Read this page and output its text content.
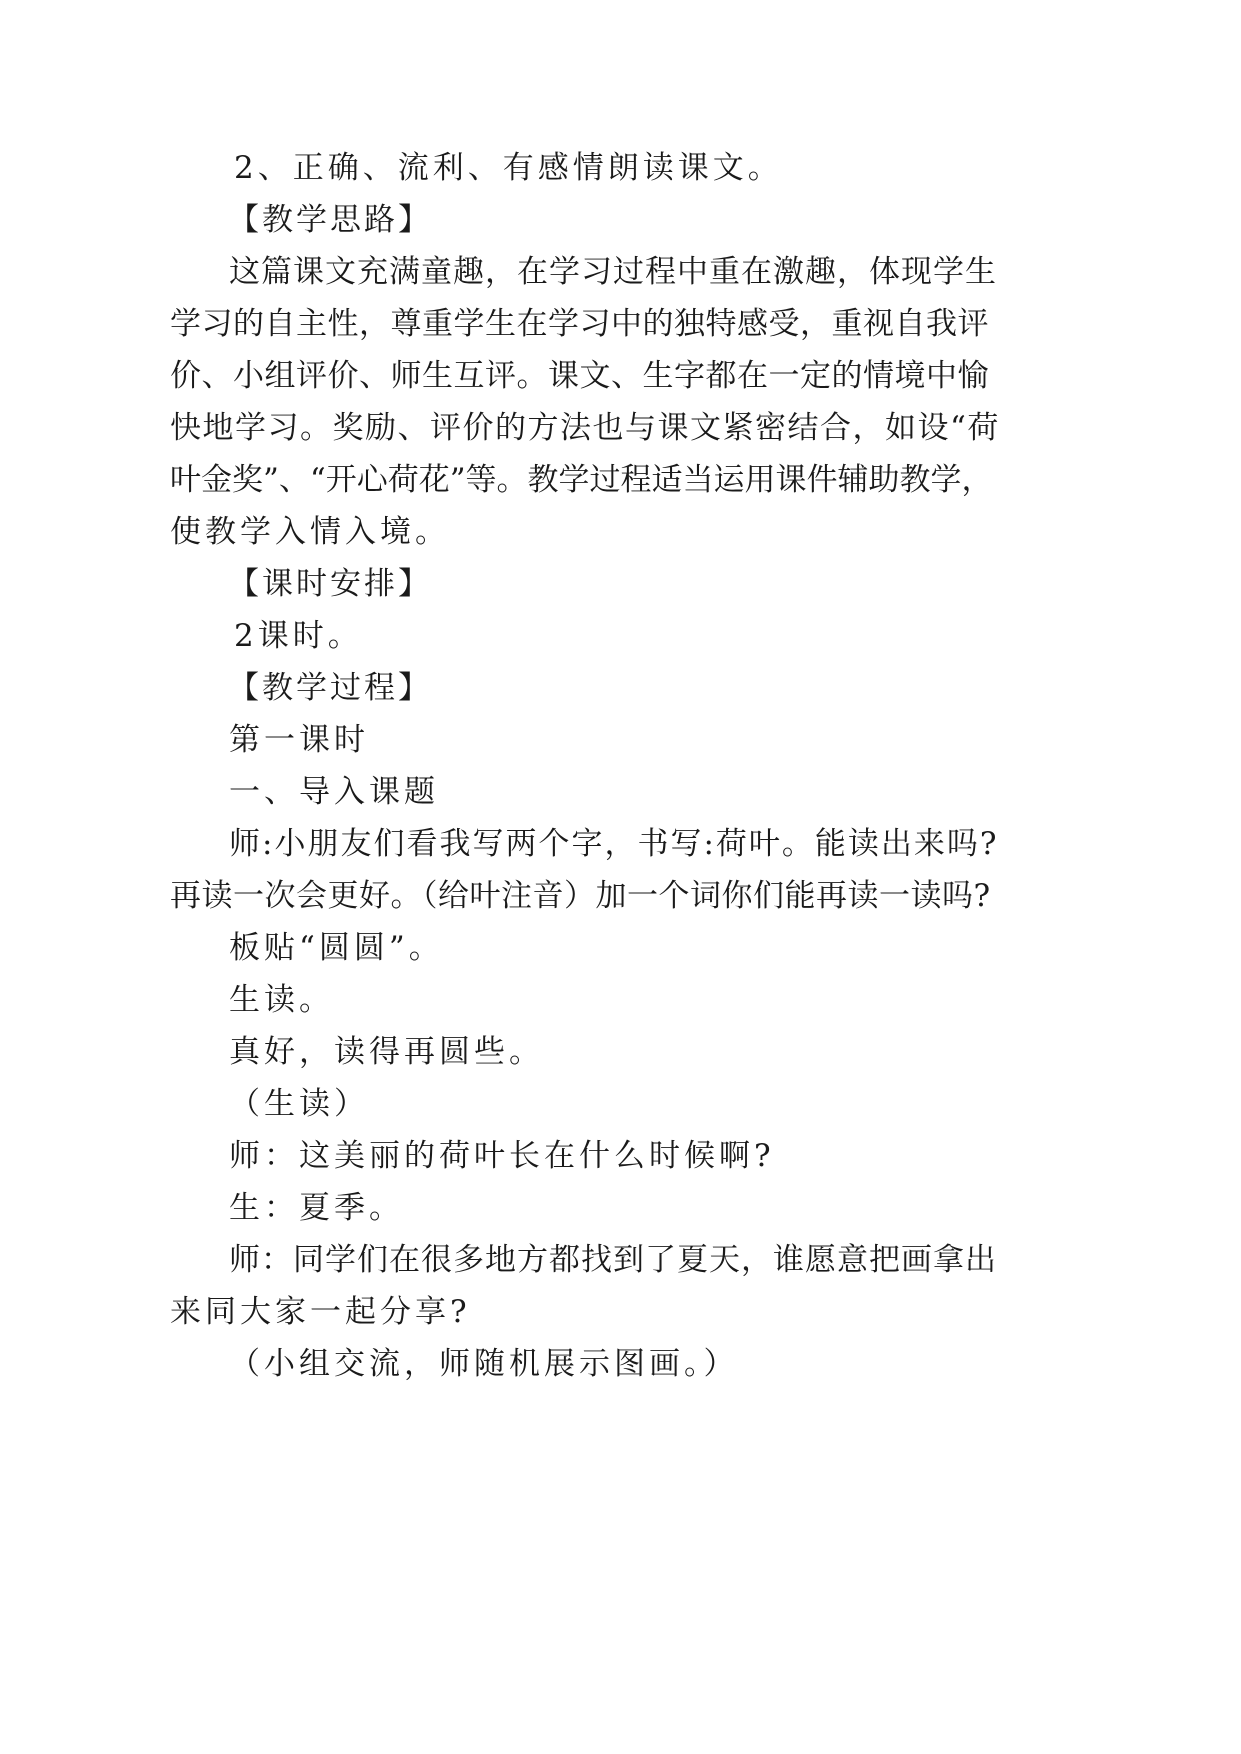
2、正确、流利、有感情朗读课文。
【教学思路】
这篇课文充满童趣，在学习过程中重在激趣，体现学生
学习的自主性，尊重学生在学习中的独特感受，重视自我评
价、小组评价、师生互评。课文、生字都在一定的情境中愉
快地学习。奖励、评价的方法也与课文紧密结合，如设“荷
叶金奖”、“开心荷花”等。教学过程适当运用课件辅助教学，
使教学入情入境。
【课时安排】
2课时。
【教学过程】
第一课时
一、导入课题
师:小朋友们看我写两个字，书写:荷叶。能读出来吗?
再读一次会更好。（给叶注音）加一个词你们能再读一读吗?
板贴“圆圆”。
生读。
真好，读得再圆些。
（生读）
师：这美丽的荷叶长在什么时候啊?
生：夏季。
师：同学们在很多地方都找到了夏天，谁愿意把画拿出
来同大家一起分享?
（小组交流，师随机展示图画。）
